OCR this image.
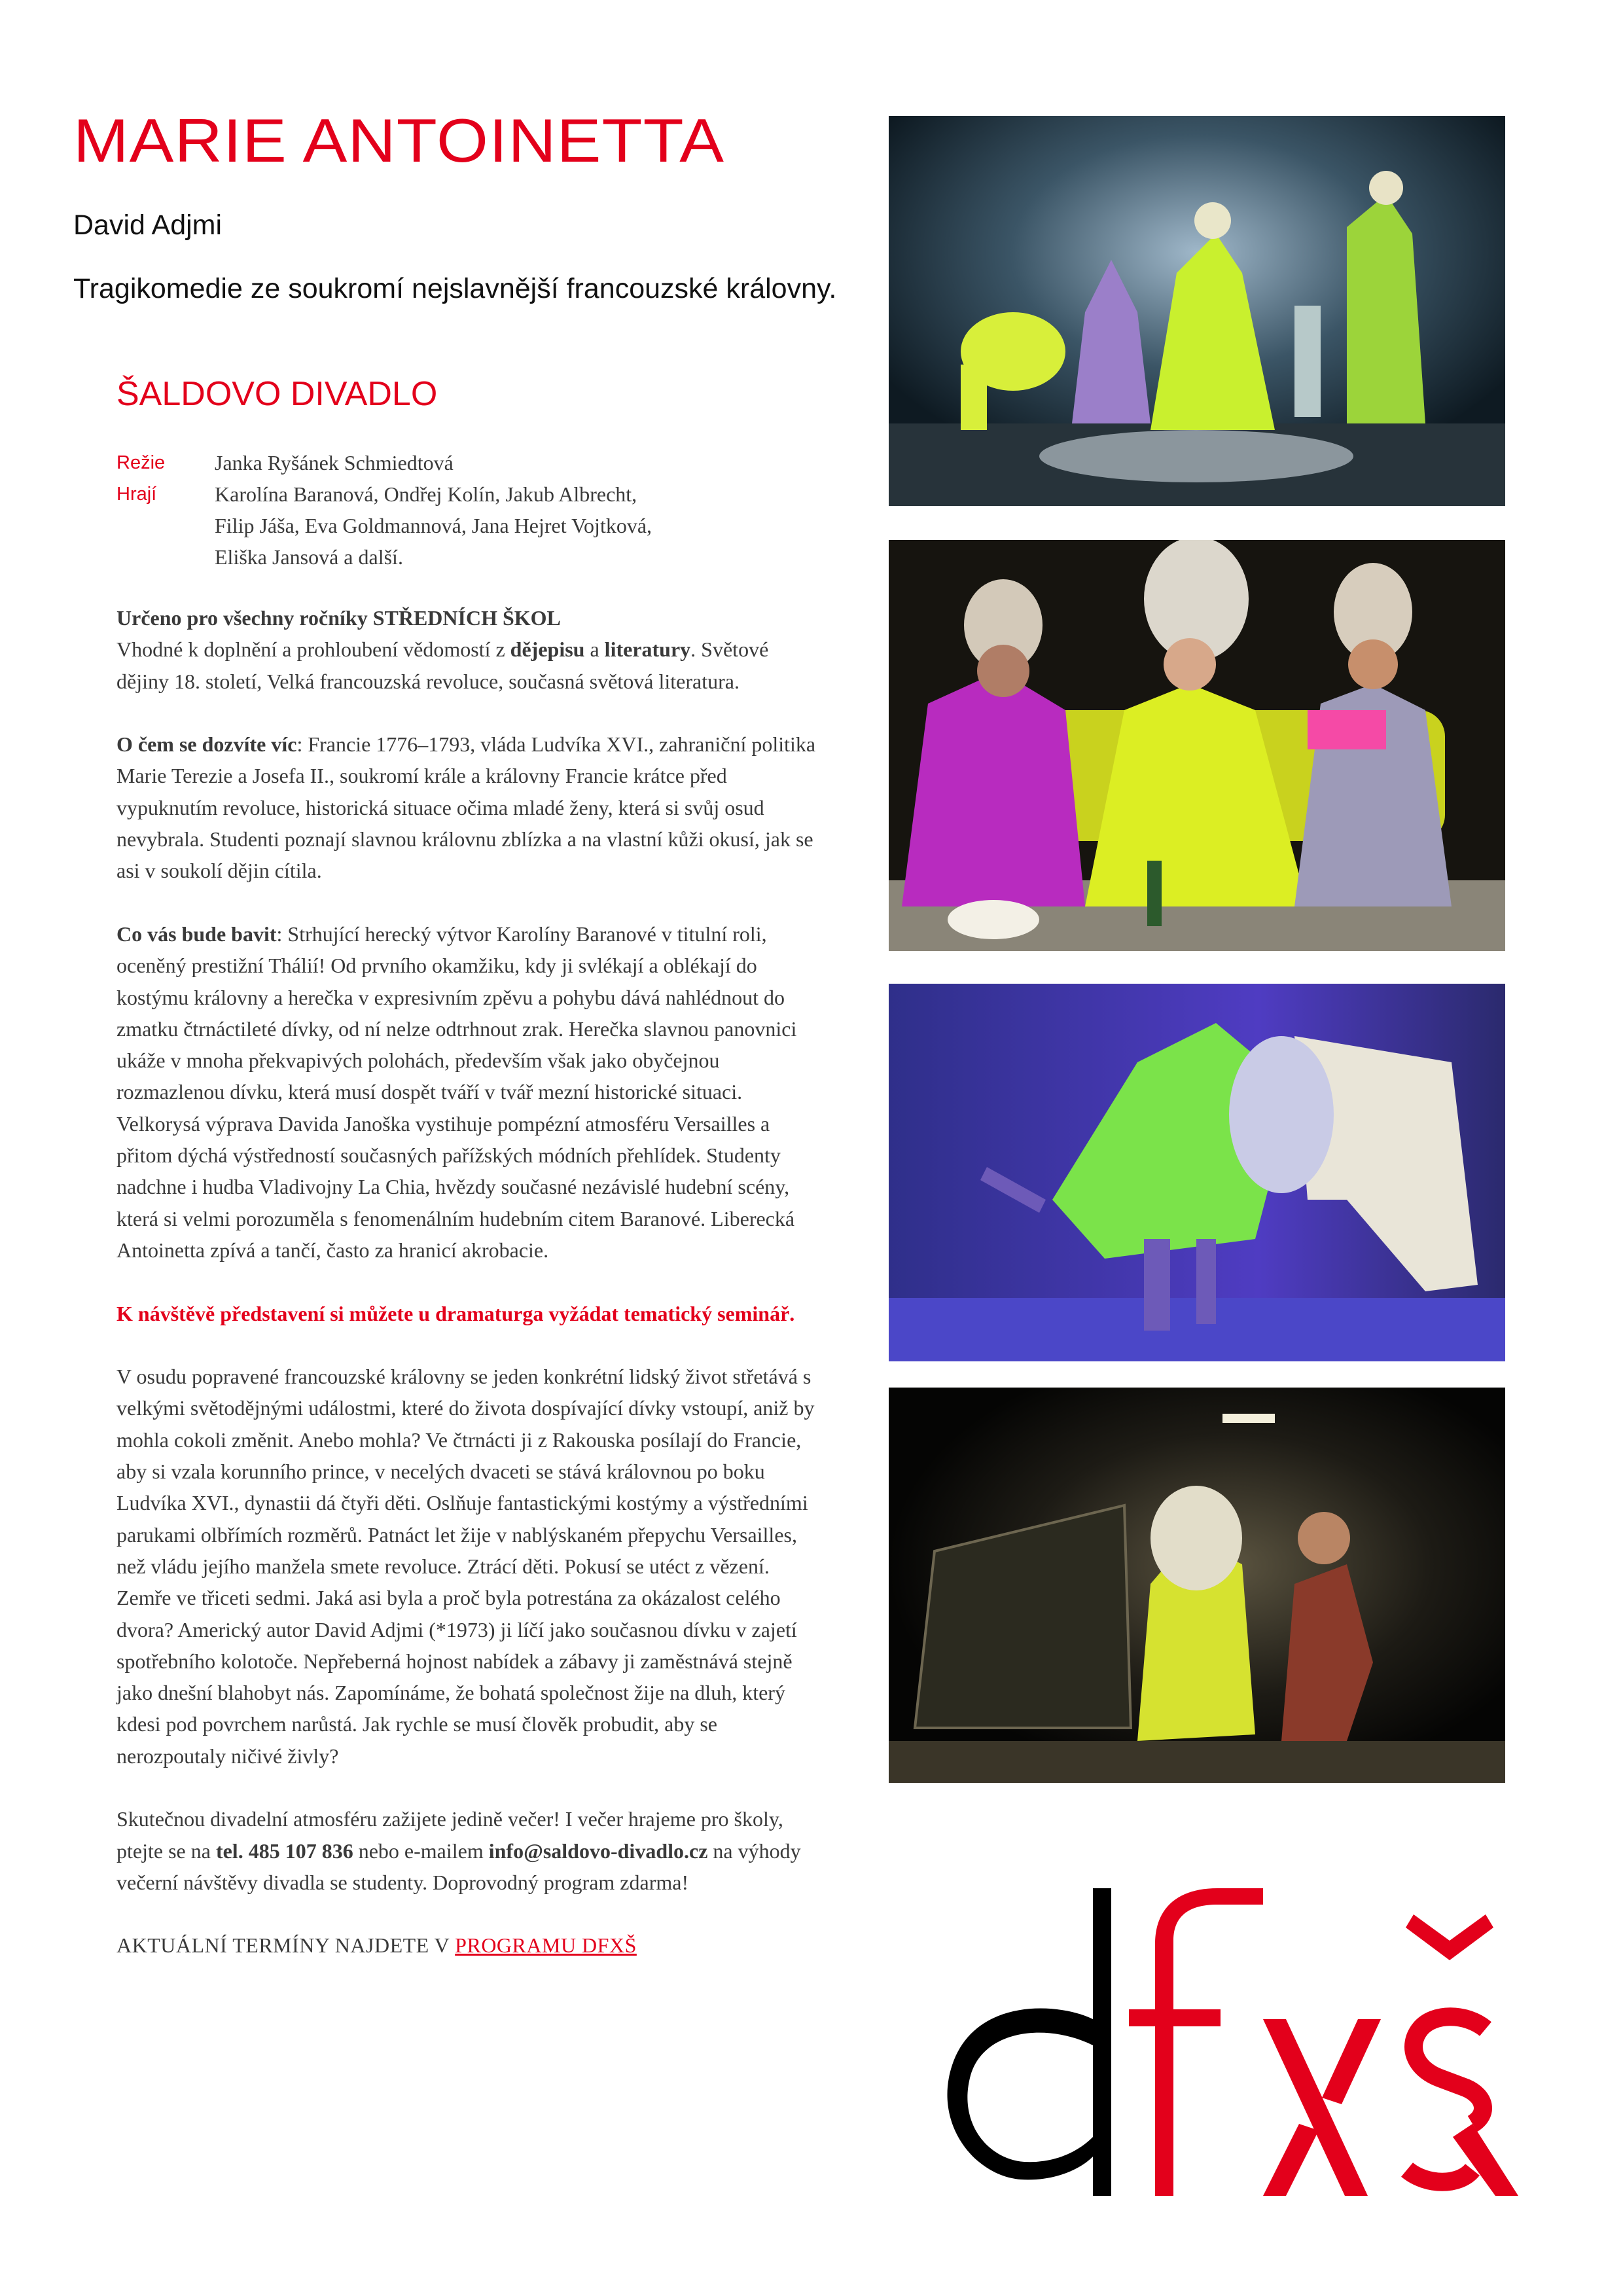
MARIE ANTOINETTA
David Adjmi
Tragikomedie ze soukromí nejslavnější francouzské královny.
ŠALDOVO DIVADLO
Režie	Janka Ryšánek Schmiedtová
Hrají	Karolína Baranová, Ondřej Kolín, Jakub Albrecht,
Filip Jáša, Eva Goldmannová, Jana Hejret Vojtková,
Eliška Jansová a další.

Určeno pro všechny ročníky STŘEDNÍCH ŠKOL
Vhodné k doplnění a prohloubení vědomostí z dějepisu a literatury. Světové dějiny 18. století, Velká francouzská revoluce, současná světová literatura.

O čem se dozvíte víc: Francie 1776–1793, vláda Ludvíka XVI., zahraniční politika Marie Terezie a Josefa II., soukromí krále a královny Francie krátce před vypuknutím revoluce, historická situace očima mladé ženy, která si svůj osud nevybrala. Studenti poznají slavnou královnu zblízka a na vlastní kůži okusí, jak se asi v soukolí dějin cítila.

Co vás bude bavit: Strhující herecký výtvor Karolíny Baranové v titulní roli, oceněný prestižní Thálií! Od prvního okamžiku, kdy ji svlékají a oblékají do kostýmu královny a herečka v expresivním zpěvu a pohybu dává nahlédnout do zmatku čtrnáctileté dívky, od ní nelze odtrhnout zrak. Herečka slavnou panovnici ukáže v mnoha překvapivých polohách, především však jako obyčejnou rozmazlenou dívku, která musí dospět tváří v tvář mezní historické situaci. Velkorysá výprava Davida Janoška vystihuje pompézní atmosféru Versailles a přitom dýchá výstředností současných pařížských módních přehlídek. Studenty nadchne i hudba Vladivojny La Chia, hvězdy současné nezávislé hudební scény, která si velmi porozuměla s fenomenálním hudebním citem Baranové. Liberecká Antoinetta zpívá a tančí, často za hranicí akrobacie.

K návštěvě představení si můžete u dramaturga vyžádat tematický seminář.

V osudu popravené francouzské královny se jeden konkrétní lidský život střetává s velkými světodějnými událostmi, které do života dospívající dívky vstoupí, aniž by mohla cokoli změnit. Anebo mohla? Ve čtrnácti ji z Rakouska posílají do Francie, aby si vzala korunního prince, v necelých dvaceti se stává královnou po boku Ludvíka XVI., dynastii dá čtyři děti. Oslňuje fantastickými kostýmy a výstředními parukami olbřímích rozměrů. Patnáct let žije v nablýskaném přepychu Versailles, než vládu jejího manžela smete revoluce. Ztrácí děti. Pokusí se utéct z vězení. Zemře ve třiceti sedmi. Jaká asi byla a proč byla potrestána za okázalost celého dvora? Americký autor David Adjmi (*1973) ji líčí jako současnou dívku v zajetí spotřebního kolotoče. Nepřeberná hojnost nabídek a zábavy ji zaměstnává stejně jako dnešní blahobyt nás. Zapomínáme, že bohatá společnost žije na dluh, který kdesi pod povrchem narůstá. Jak rychle se musí člověk probudit, aby se nerozpoutaly ničivé živly?

Skutečnou divadelní atmosféru zažijete jedině večer! I večer hrajeme pro školy, ptejte se na tel. 485 107 836 nebo e-mailem info@saldovo-divadlo.cz na výhody večerní návštěvy divadla se studenty. Doprovodný program zdarma!

AKTUÁLNÍ TERMÍNY NAJDETE V PROGRAMU DFXŠ
